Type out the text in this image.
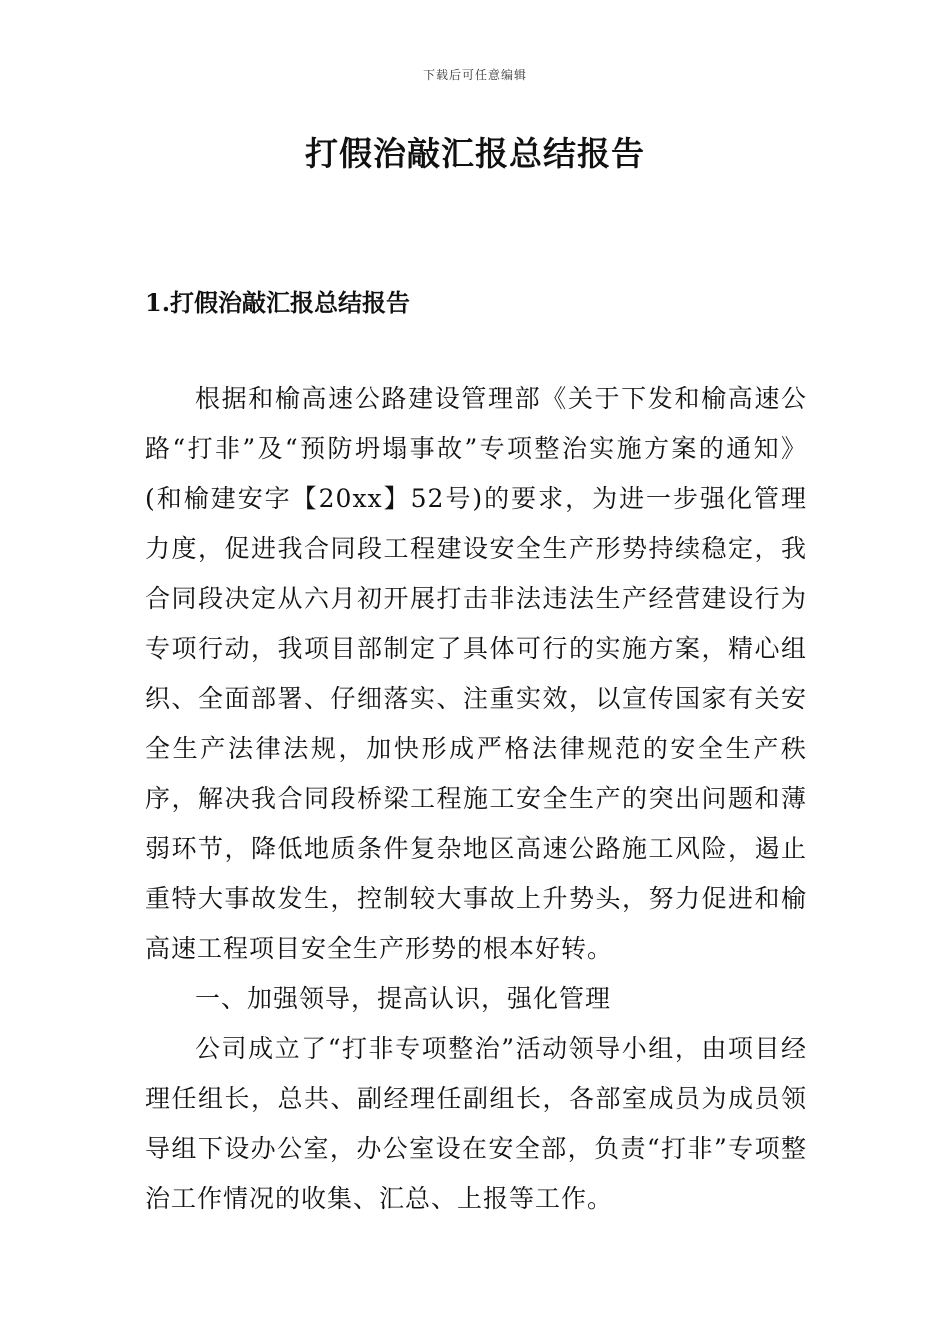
下载后可任意编辑
打假治敲汇报总结报告
1.打假治敲汇报总结报告

根据和榆高速公路建设管理部《关于下发和榆高速公路“打非”及“预防坍塌事故”专项整治实施方案的通知》(和榆建安字【20xx】52号)的要求，为进一步强化管理力度，促进我合同段工程建设安全生产形势持续稳定，我合同段决定从六月初开展打击非法违法生产经营建设行为专项行动，我项目部制定了具体可行的实施方案，精心组织、全面部署、仔细落实、注重实效，以宣传国家有关安全生产法律法规，加快形成严格法律规范的安全生产秩序，解决我合同段桥梁工程施工安全生产的突出问题和薄弱环节，降低地质条件复杂地区高速公路施工风险，遏止重特大事故发生，控制较大事故上升势头，努力促进和榆高速工程项目安全生产形势的根本好转。

一、加强领导，提高认识，强化管理

公司成立了“打非专项整治”活动领导小组，由项目经理任组长，总共、副经理任副组长，各部室成员为成员领导组下设办公室，办公室设在安全部，负责“打非”专项整治工作情况的收集、汇总、上报等工作。
